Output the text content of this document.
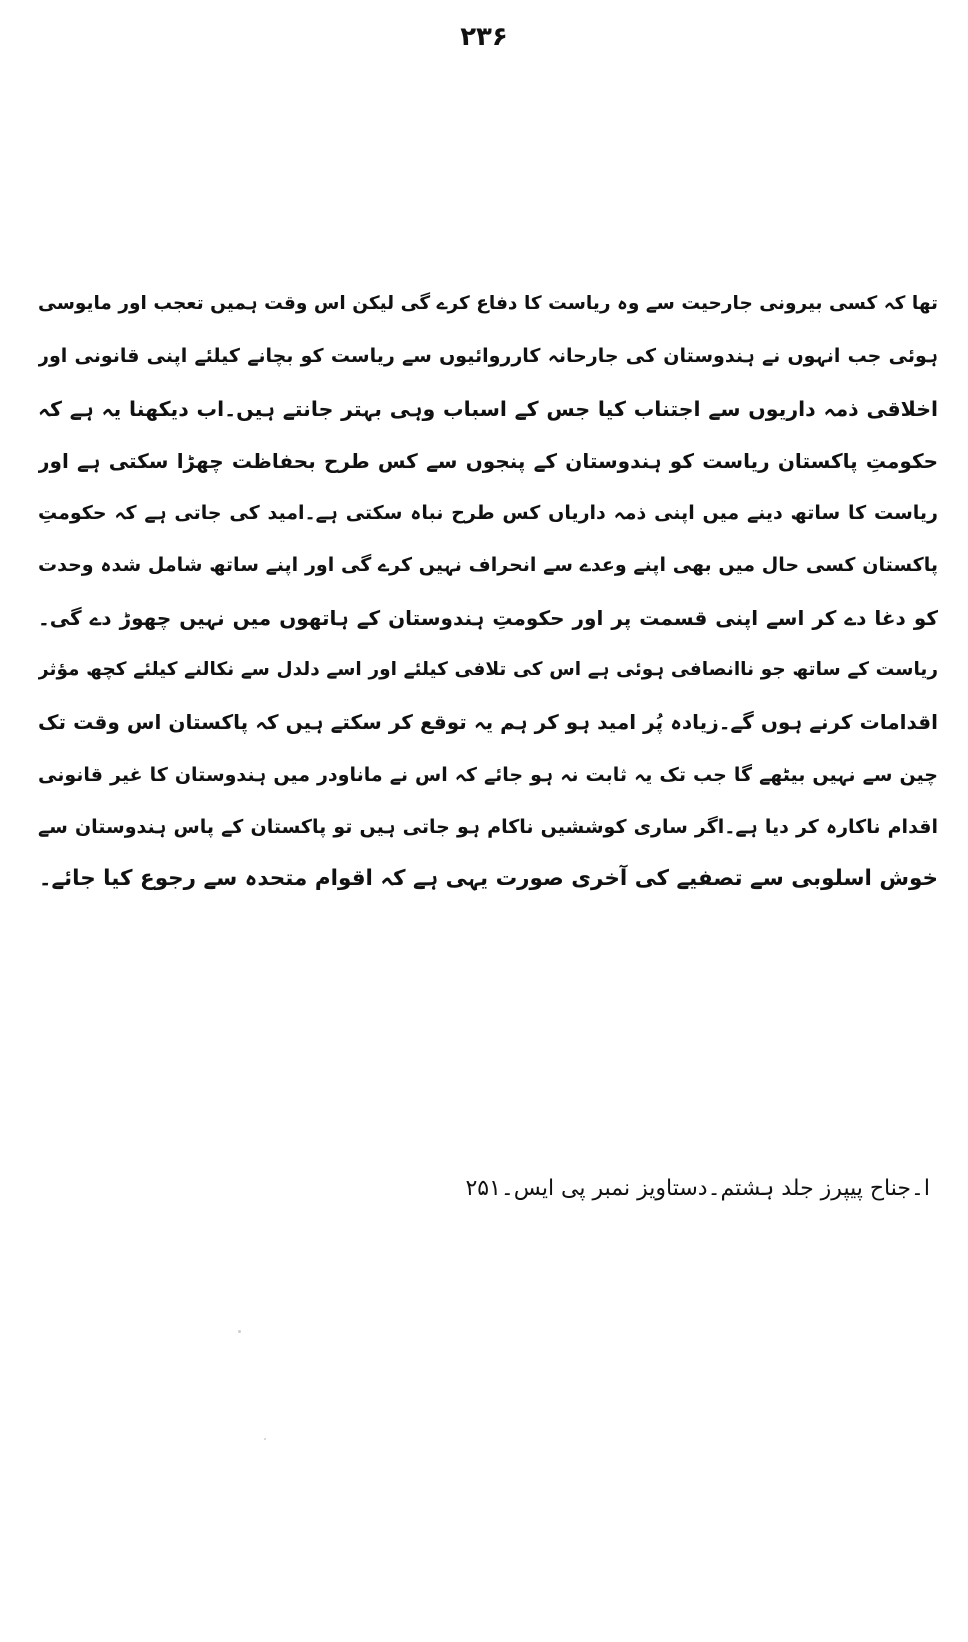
۲۳۶
تھا کہ کسی بیرونی جارحیت سے وہ ریاست کا دفاع کرے گی لیکن اس وقت ہمیں تعجب اور مایوسی
ہوئی جب انہوں نے ہندوستان کی جارحانہ کارروائیوں سے ریاست کو بچانے کیلئے اپنی قانونی اور
اخلاقی ذمہ داریوں سے اجتناب کیا جس کے اسباب وہی بہتر جانتے ہیں۔اب دیکھنا یہ ہے کہ
حکومتِ پاکستان ریاست کو ہندوستان کے پنجوں سے کس طرح بحفاظت چھڑا سکتی ہے اور
ریاست کا ساتھ دینے میں اپنی ذمہ داریاں کس طرح نباہ سکتی ہے۔امید کی جاتی ہے کہ حکومتِ
پاکستان کسی حال میں بھی اپنے وعدے سے انحراف نہیں کرے گی اور اپنے ساتھ شامل شدہ وحدت
کو دغا دے کر اسے اپنی قسمت پر اور حکومتِ ہندوستان کے ہاتھوں میں نہیں چھوڑ دے گی۔
ریاست کے ساتھ جو ناانصافی ہوئی ہے اس کی تلافی کیلئے اور اسے دلدل سے نکالنے کیلئے کچھ مؤثر
اقدامات کرنے ہوں گے۔زیادہ پُر امید ہو کر ہم یہ توقع کر سکتے ہیں کہ پاکستان اس وقت تک
چین سے نہیں بیٹھے گا جب تک یہ ثابت نہ ہو جائے کہ اس نے ماناودر میں ہندوستان کا غیر قانونی
اقدام ناکارہ کر دیا ہے۔اگر ساری کوششیں ناکام ہو جاتی ہیں تو پاکستان کے پاس ہندوستان سے
خوش اسلوبی سے تصفیے کی آخری صورت یہی ہے کہ اقوام متحدہ سے رجوع کیا جائے۔
ا۔جناح پیپرز جلد ہشتم۔دستاویز نمبر پی ایس۔۲۵۱
